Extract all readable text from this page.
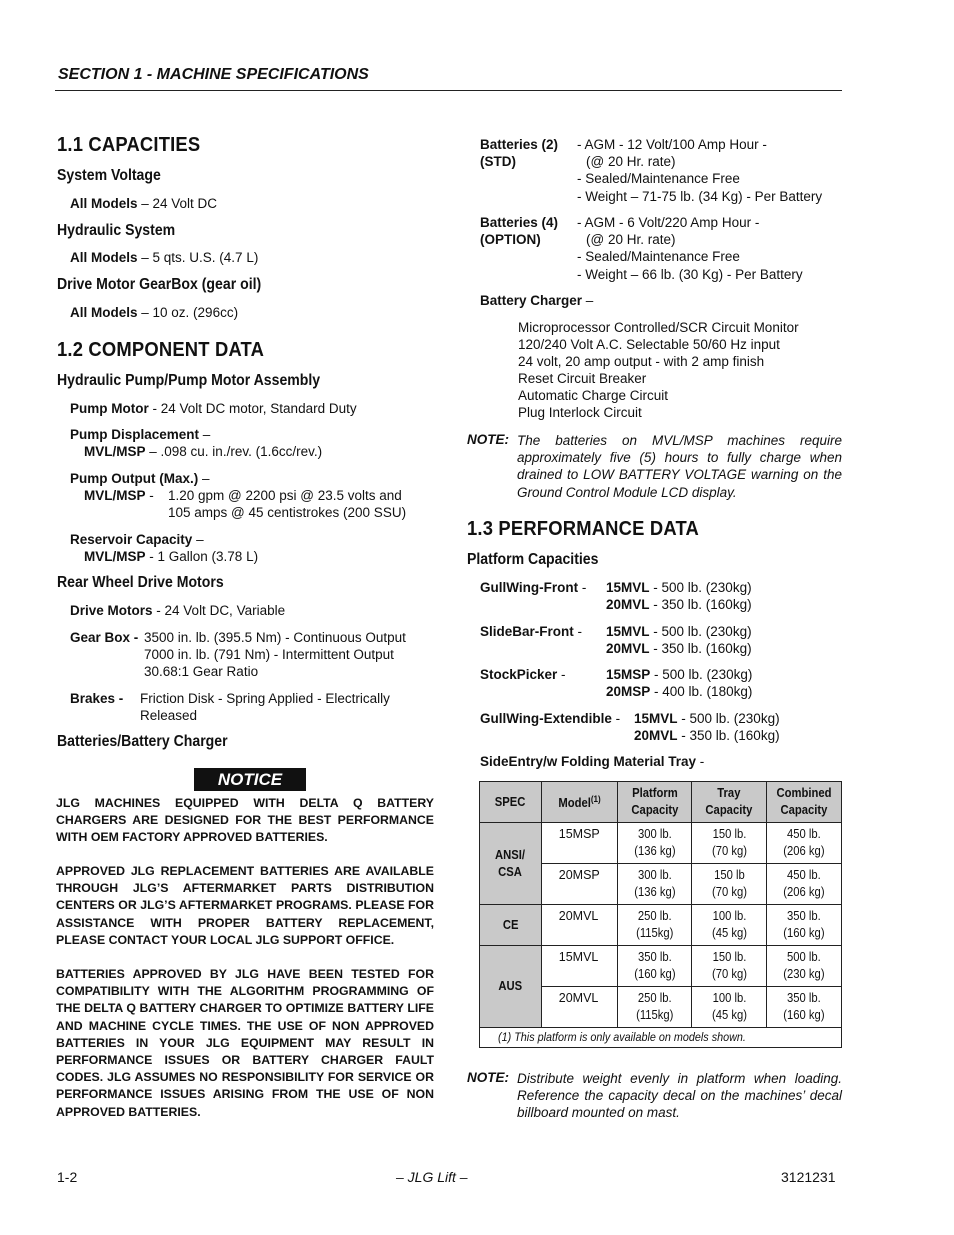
SECTION 1 - MACHINE SPECIFICATIONS
1.1 CAPACITIES
System Voltage
All Models – 24 Volt DC
Hydraulic System
All Models – 5 qts. U.S. (4.7 L)
Drive Motor GearBox (gear oil)
All Models – 10 oz. (296cc)
1.2 COMPONENT DATA
Hydraulic Pump/Pump Motor Assembly
Pump Motor - 24 Volt DC motor, Standard Duty
Pump Displacement –
MVL/MSP – .098 cu. in./rev. (1.6cc/rev.)
Pump Output (Max.) –
MVL/MSP - 1.20 gpm @ 2200 psi @ 23.5 volts and
105 amps @ 45 centistrokes (200 SSU)
Reservoir Capacity –
MVL/MSP - 1 Gallon (3.78 L)
Rear Wheel Drive Motors
Drive Motors - 24 Volt DC, Variable
Gear Box - 3500 in. lb. (395.5 Nm) - Continuous Output
7000 in. lb. (791 Nm) - Intermittent Output
30.68:1 Gear Ratio
Brakes - Friction Disk - Spring Applied - Electrically
Released
Batteries/Battery Charger
NOTICE
JLG MACHINES EQUIPPED WITH DELTA Q BATTERY CHARGERS ARE DESIGNED FOR THE BEST PERFORMANCE WITH OEM FACTORY APPROVED BATTERIES.
APPROVED JLG REPLACEMENT BATTERIES ARE AVAILABLE THROUGH JLG’S AFTERMARKET PARTS DISTRIBUTION CENTERS OR JLG’S AFTERMARKET PROGRAMS. PLEASE FOR ASSISTANCE WITH PROPER BATTERY REPLACEMENT, PLEASE CONTACT YOUR LOCAL JLG SUPPORT OFFICE.
BATTERIES APPROVED BY JLG HAVE BEEN TESTED FOR COMPATIBILITY WITH THE ALGORITHM PROGRAMMING OF THE DELTA Q BATTERY CHARGER TO OPTIMIZE BATTERY LIFE AND MACHINE CYCLE TIMES. THE USE OF NON APPROVED BATTERIES IN YOUR JLG EQUIPMENT MAY RESULT IN PERFORMANCE ISSUES OR BATTERY CHARGER FAULT CODES. JLG ASSUMES NO RESPONSIBILITY FOR SERVICE OR PERFORMANCE ISSUES ARISING FROM THE USE OF NON APPROVED BATTERIES.
Batteries (2)
(STD)
- AGM - 12 Volt/100 Amp Hour -
(@ 20 Hr. rate)
- Sealed/Maintenance Free
- Weight – 71-75 lb. (34 Kg) - Per Battery
Batteries (4)
(OPTION)
- AGM - 6 Volt/220 Amp Hour -
(@ 20 Hr. rate)
- Sealed/Maintenance Free
- Weight – 66 lb. (30 Kg) - Per Battery
Battery Charger –
Microprocessor Controlled/SCR Circuit Monitor
120/240 Volt A.C. Selectable 50/60 Hz input
24 volt, 20 amp output - with 2 amp finish
Reset Circuit Breaker
Automatic Charge Circuit
Plug Interlock Circuit
NOTE: The batteries on MVL/MSP machines require approximately five (5) hours to fully charge when drained to LOW BATTERY VOLTAGE warning on the Ground Control Module LCD display.
1.3 PERFORMANCE DATA
Platform Capacities
GullWing-Front - 15MVL - 500 lb. (230kg)
20MVL - 350 lb. (160kg)
SlideBar-Front - 15MVL - 500 lb. (230kg)
20MVL - 350 lb. (160kg)
StockPicker -	15MSP - 500 lb. (230kg)
20MSP - 400 lb. (180kg)
GullWing-Extendible - 15MVL - 500 lb. (230kg)
20MVL - 350 lb. (160kg)
SideEntry/w Folding Material Tray -
SPEC	Model$^{(1)}$	Platform Capacity	Tray Capacity	Combined Capacity
ANSI/ CSA	15MSP	300 lb.
(136 kg)	150 lb.
(70 kg)	450 lb.
(206 kg)
	20MSP	300 lb.
(136 kg)	150 lb
(70 kg)	450 lb.
(206 kg)
CE	20MVL	250 lb.
(115kg)	100 lb.
(45 kg)	350 lb.
(160 kg)
AUS	15MVL	350 lb.
(160 kg)	150 lb.
(70 kg)	500 lb.
(230 kg)
	20MVL	250 lb.
(115kg)	100 lb.
(45 kg)	350 lb.
(160 kg)
(1) This platform is only available on models shown.				
NOTE: Distribute weight evenly in platform when loading. Reference the capacity decal on the machines’ decal billboard mounted on mast.
1-2	– JLG Lift –	3121231
